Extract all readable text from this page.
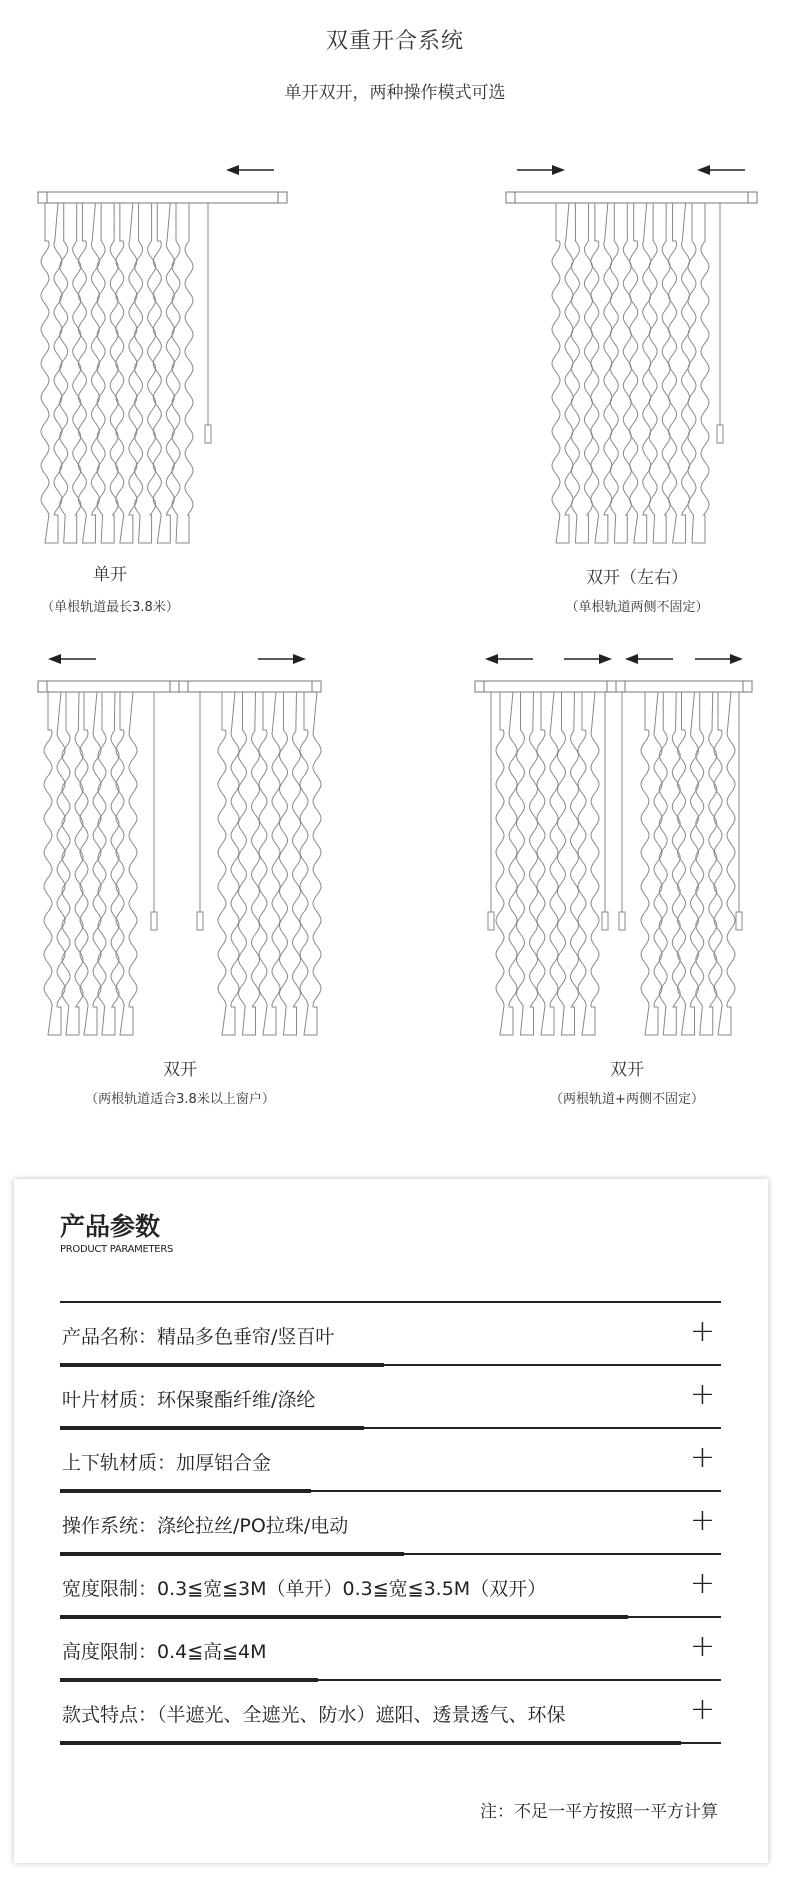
双重开合系统
单开双开，两种操作模式可选
单开
（单根轨道最长3.8米）
双开（左右）
（单根轨道两侧不固定）
双开
（两根轨道适合3.8米以上窗户）
双开
（两根轨道+两侧不固定）
产品参数
PRODUCT PARAMETERS
产品名称：精品多色垂帘/竖百叶	+
叶片材质：环保聚酯纤维/涤纶	+
上下轨材质：加厚铝合金	+
操作系统：涤纶拉丝/PO拉珠/电动	+
宽度限制：0.3≦宽≦3M（单开）0.3≦宽≦3.5M（双开）	+
高度限制：0.4≦高≦4M	+
款式特点：（半遮光、全遮光、防水）遮阳、透景透气、环保	+
注：不足一平方按照一平方计算
